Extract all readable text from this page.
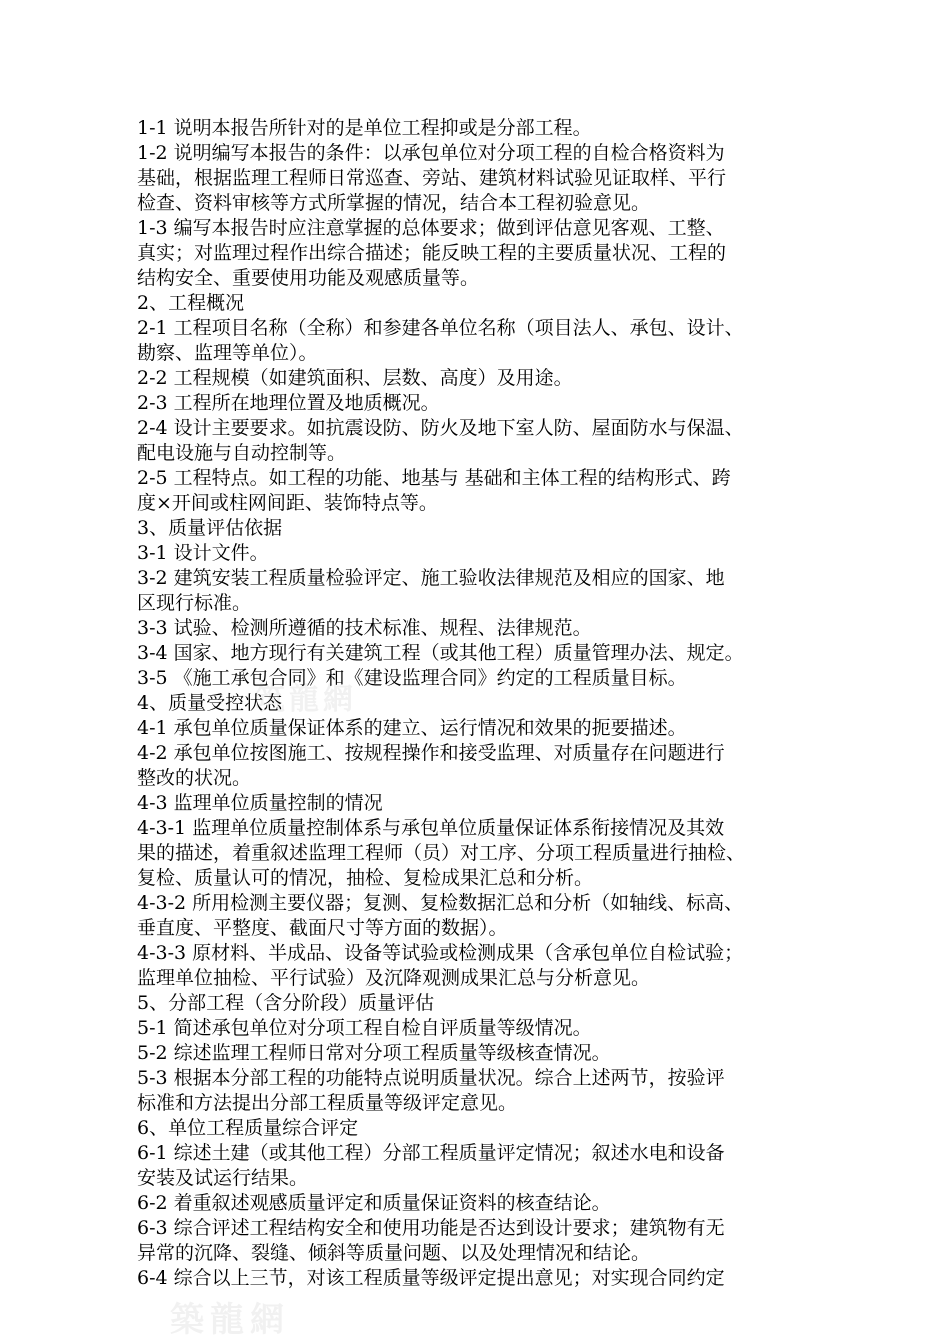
1-1 说明本报告所针对的是单位工程抑或是分部工程。
1-2 说明编写本报告的条件：以承包单位对分项工程的自检合格资料为
基础，根据监理工程师日常巡查、旁站、建筑材料试验见证取样、平行
检查、资料审核等方式所掌握的情况，结合本工程初验意见。
1-3 编写本报告时应注意掌握的总体要求；做到评估意见客观、工整、
真实；对监理过程作出综合描述；能反映工程的主要质量状况、工程的
结构安全、重要使用功能及观感质量等。
2、工程概况
2-1 工程项目名称（全称）和参建各单位名称（项目法人、承包、设计、
勘察、监理等单位）。
2-2 工程规模（如建筑面积、层数、高度）及用途。
2-3 工程所在地理位置及地质概况。
2-4 设计主要要求。如抗震设防、防火及地下室人防、屋面防水与保温、
配电设施与自动控制等。
2-5 工程特点。如工程的功能、地基与 基础和主体工程的结构形式、跨
度×开间或柱网间距、装饰特点等。
3、质量评估依据
3-1 设计文件。
3-2 建筑安装工程质量检验评定、施工验收法律规范及相应的国家、地
区现行标准。
3-3 试验、检测所遵循的技术标准、规程、法律规范。
3-4 国家、地方现行有关建筑工程（或其他工程）质量管理办法、规定。
3-5 《施工承包合同》和《建设监理合同》约定的工程质量目标。
4、质量受控状态
4-1 承包单位质量保证体系的建立、运行情况和效果的扼要描述。
4-2 承包单位按图施工、按规程操作和接受监理、对质量存在问题进行
整改的状况。
4-3 监理单位质量控制的情况
4-3-1 监理单位质量控制体系与承包单位质量保证体系衔接情况及其效
果的描述，着重叙述监理工程师（员）对工序、分项工程质量进行抽检、
复检、质量认可的情况，抽检、复检成果汇总和分析。
4-3-2 所用检测主要仪器；复测、复检数据汇总和分析（如轴线、标高、
垂直度、平整度、截面尺寸等方面的数据）。
4-3-3 原材料、半成品、设备等试验或检测成果（含承包单位自检试验；
监理单位抽检、平行试验）及沉降观测成果汇总与分析意见。
5、分部工程（含分阶段）质量评估
5-1 简述承包单位对分项工程自检自评质量等级情况。
5-2 综述监理工程师日常对分项工程质量等级核查情况。
5-3 根据本分部工程的功能特点说明质量状况。综合上述两节，按验评
标准和方法提出分部工程质量等级评定意见。
6、单位工程质量综合评定
6-1 综述土建（或其他工程）分部工程质量评定情况；叙述水电和设备
安装及试运行结果。
6-2 着重叙述观感质量评定和质量保证资料的核查结论。
6-3 综合评述工程结构安全和使用功能是否达到设计要求；建筑物有无
异常的沉降、裂缝、倾斜等质量问题、以及处理情况和结论。
6-4 综合以上三节，对该工程质量等级评定提出意见；对实现合同约定
筑龍網
築龍網
